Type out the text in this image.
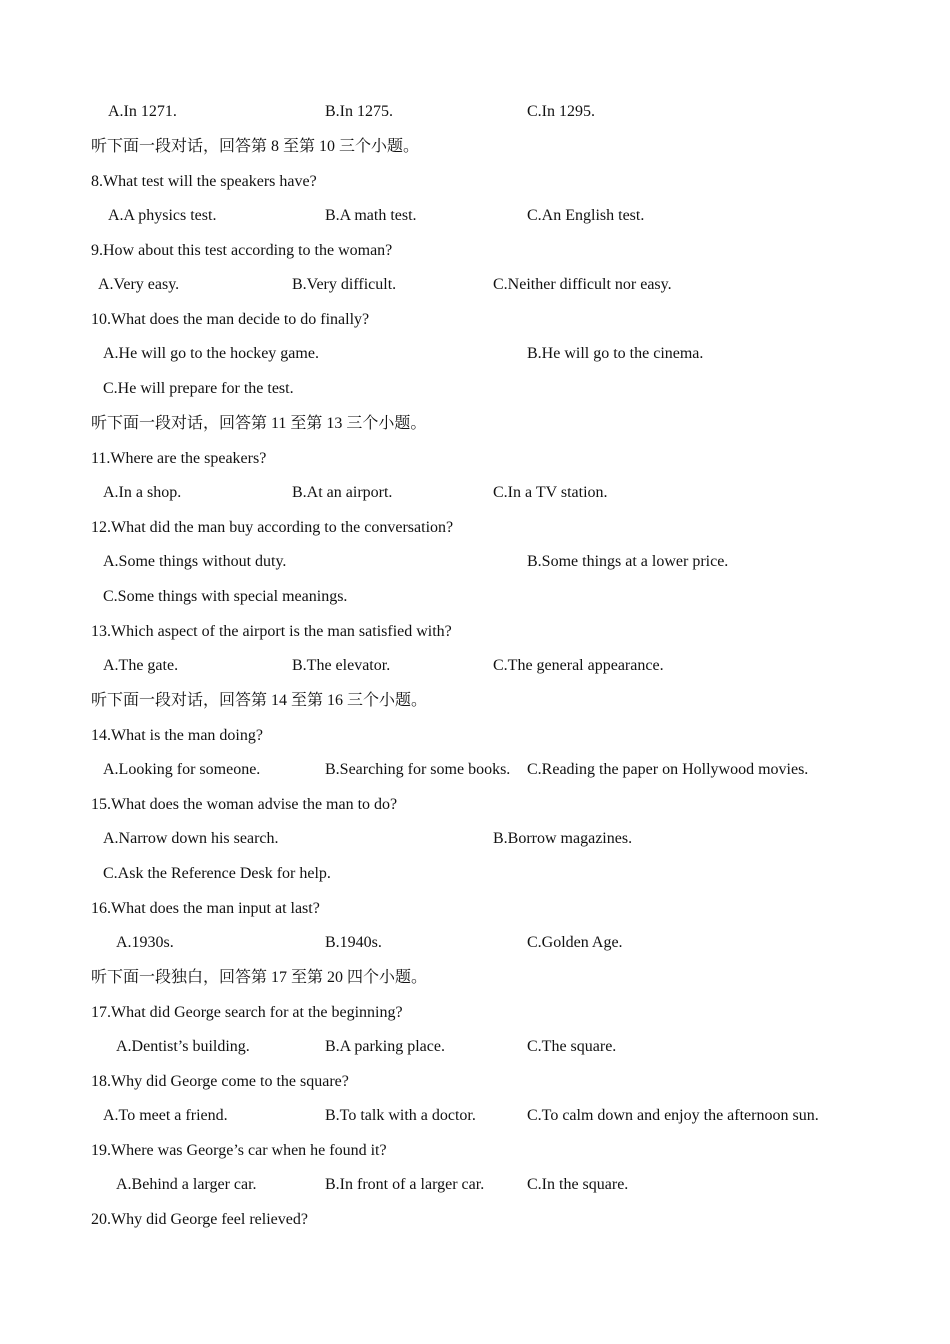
A.In 1271.	B.In 1275.	C.In 1295.
听下面一段对话，回答第 8 至第 10 三个小题。
8.What test will the speakers have?
A.A physics test.	B.A math test.	C.An English test.
9.How about this test according to the woman?
A.Very easy.	B.Very difficult.	C.Neither difficult nor easy.
10.What does the man decide to do finally?
A.He will go to the hockey game.	B.He will go to the cinema.
C.He will prepare for the test.
听下面一段对话，回答第 11 至第 13 三个小题。
11.Where are the speakers?
A.In a shop.	B.At an airport.	C.In a TV station.
12.What did the man buy according to the conversation?
A.Some things without duty.	B.Some things at a lower price.
C.Some things with special meanings.
13.Which aspect of the airport is the man satisfied with?
A.The gate.	B.The elevator.	C.The general appearance.
听下面一段对话，回答第 14 至第 16 三个小题。
14.What is the man doing?
A.Looking for someone.	B.Searching for some books. C.Reading the paper on Hollywood movies.
15.What does the woman advise the man to do?
A.Narrow down his search.	B.Borrow magazines.
C.Ask the Reference Desk for help.
16.What does the man input at last?
A.1930s.	B.1940s.	C.Golden Age.
听下面一段独白，回答第 17 至第 20 四个小题。
17.What did George search for at the beginning?
A.Dentist’s building.	B.A parking place.	C.The square.
18.Why did George come to the square?
A.To meet a friend.	B.To talk with a doctor.	C.To calm down and enjoy the afternoon sun.
19.Where was George’s car when he found it?
A.Behind a larger car.	B.In front of a larger car.	C.In the square.
20.Why did George feel relieved?
